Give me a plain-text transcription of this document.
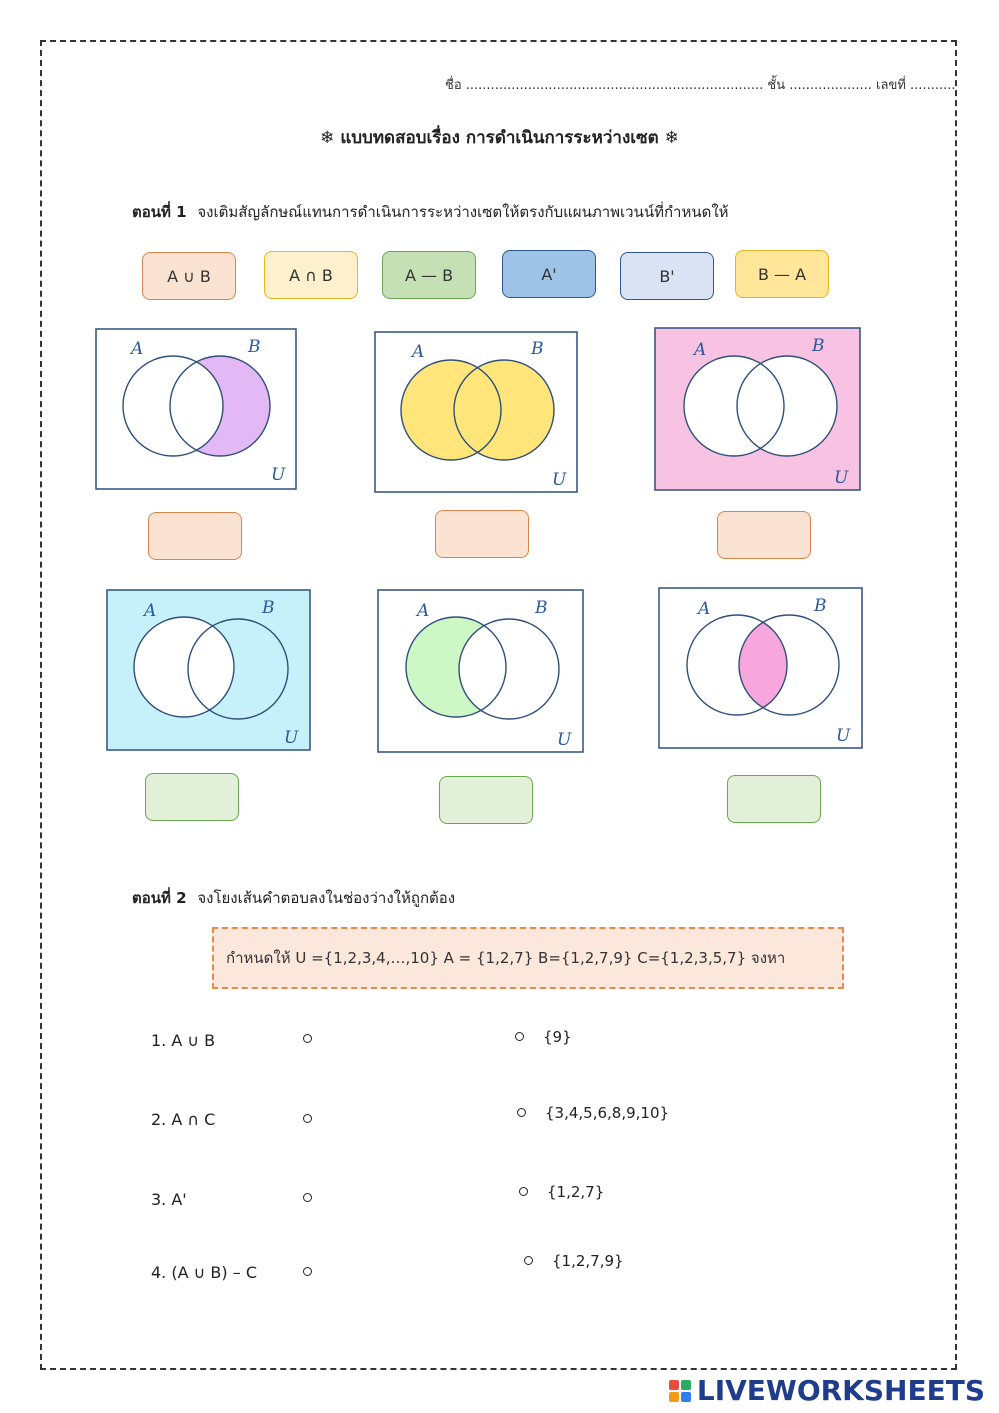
ชื่อ ........................................................................ ชั้น .................... เลขที่ ...........
❄ แบบทดสอบเรื่อง การดำเนินการระหว่างเซต ❄
ตอนที่ 1 จงเติมสัญลักษณ์แทนการดำเนินการระหว่างเซตให้ตรงกับแผนภาพเวนน์ที่กำหนดให้
A ∪ B	A ∩ B	A — B	A'	B'	B — A
A	B
U
A	B
U
A	B
U
A	B
U
A	B
U
A	B
U
ตอนที่ 2 จงโยงเส้นคำตอบลงในช่องว่างให้ถูกต้อง
กำหนดให้ U ={1,2,3,4,…,10} A = {1,2,7} B={1,2,7,9} C={1,2,3,5,7} จงหา
1. A ∪ B
2. A ∩ C
3. A'
4. (A ∪ B) – C
{9}
{3,4,5,6,8,9,10}
{1,2,7}
{1,2,7,9}
LIVEWORKSHEETS
